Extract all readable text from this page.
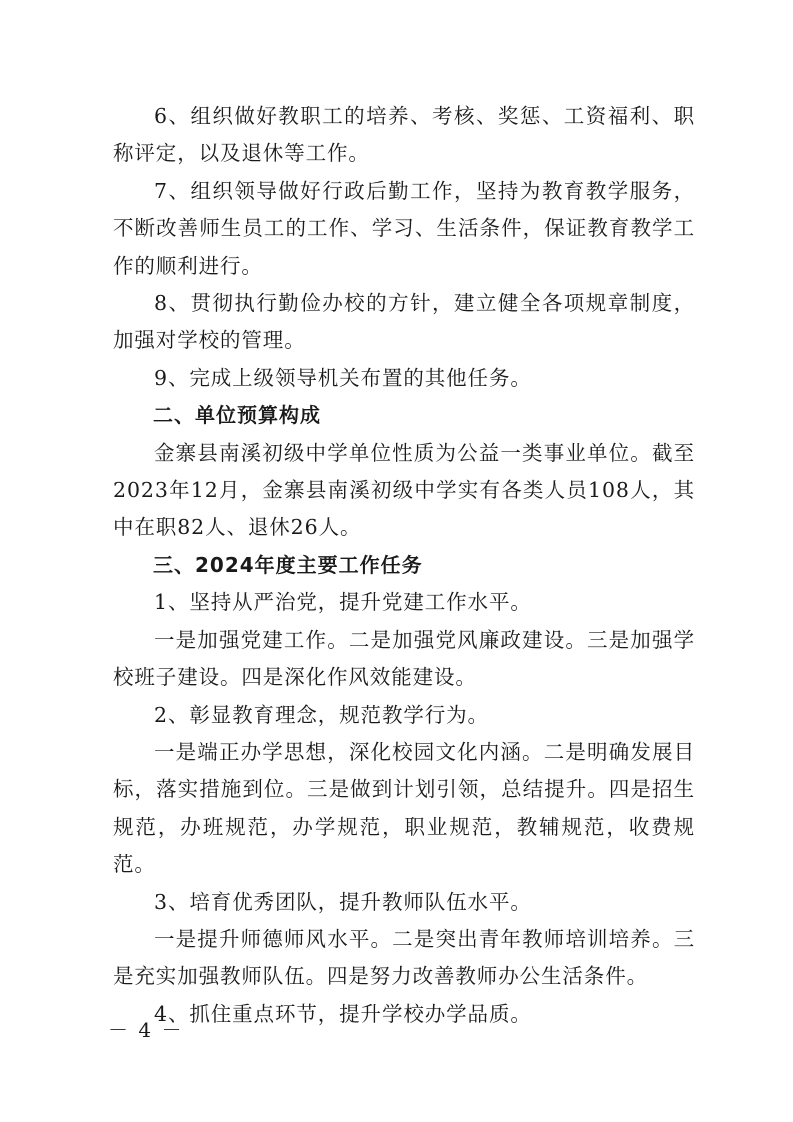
6、组织做好教职工的培养、考核、奖惩、工资福利、职称评定，以及退休等工作。

7、组织领导做好行政后勤工作，坚持为教育教学服务，不断改善师生员工的工作、学习、生活条件，保证教育教学工作的顺利进行。

8、贯彻执行勤俭办校的方针，建立健全各项规章制度，加强对学校的管理。

9、完成上级领导机关布置的其他任务。

二、单位预算构成

金寨县南溪初级中学单位性质为公益一类事业单位。截至2023年12月，金寨县南溪初级中学实有各类人员108人，其中在职82人、退休26人。

三、2024年度主要工作任务

1、坚持从严治党，提升党建工作水平。

一是加强党建工作。二是加强党风廉政建设。三是加强学校班子建设。四是深化作风效能建设。

2、彰显教育理念，规范教学行为。

一是端正办学思想，深化校园文化内涵。二是明确发展目标，落实措施到位。三是做到计划引领，总结提升。四是招生规范，办班规范，办学规范，职业规范，教辅规范，收费规范。

3、培育优秀团队，提升教师队伍水平。

一是提升师德师风水平。二是突出青年教师培训培养。三是充实加强教师队伍。四是努力改善教师办公生活条件。

4、抓住重点环节，提升学校办学品质。

－ 4 －
